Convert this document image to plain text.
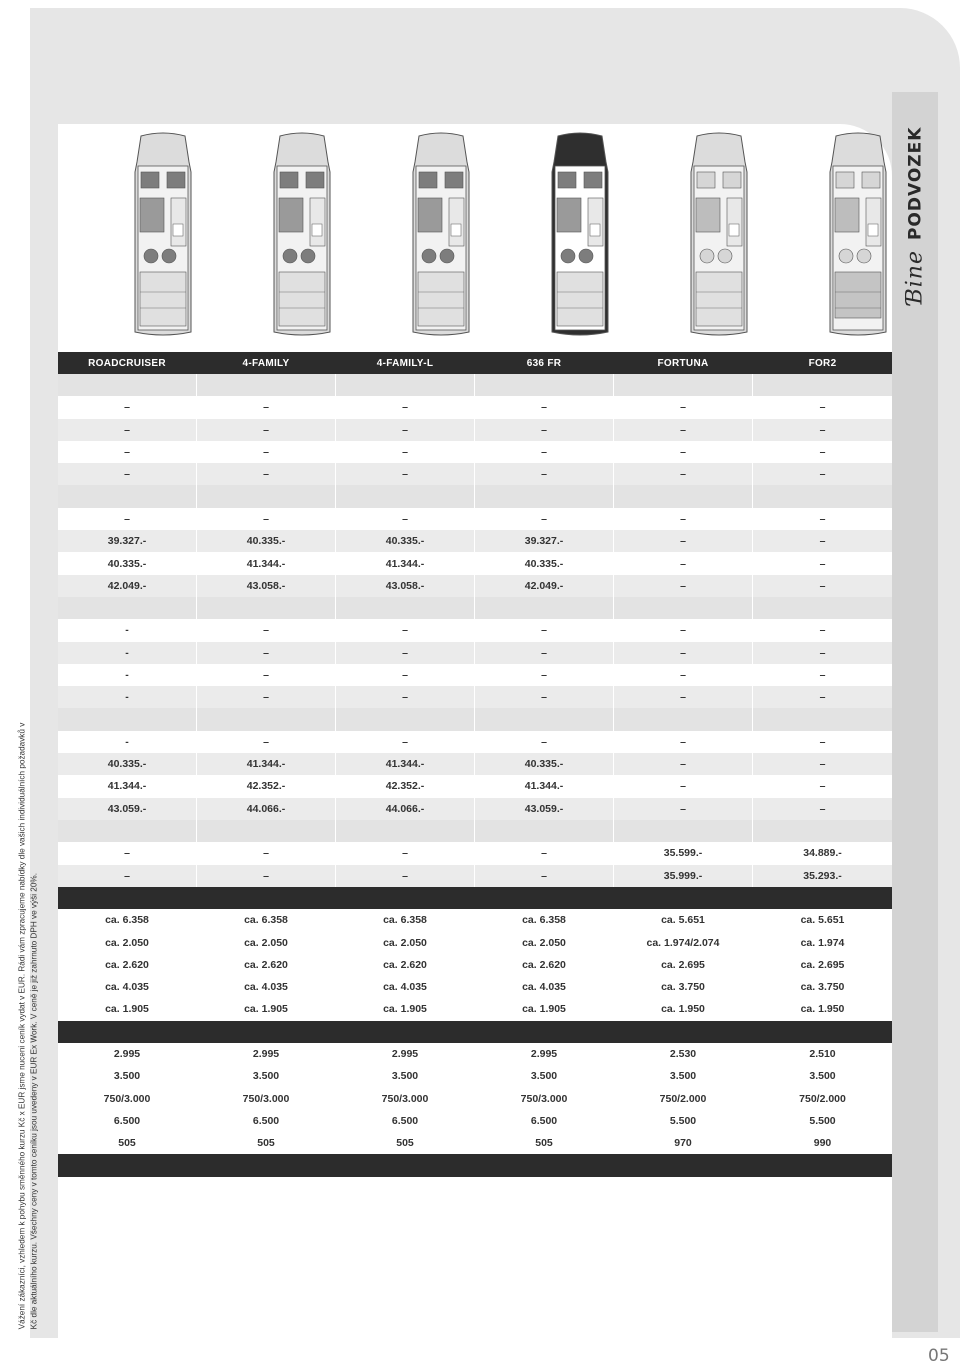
Ɓine
PODVOZEK
Vážení zákazníci, vzhledem k pohybu směnného kurzu Kč x EUR jsme nuceni ceník vydat v EUR. Rádi vám zpracujeme nabídky dle vašich individuálních požadavků v Kč dle aktuálního kurzu. Všechny ceny v tomto ceníku jsou uvedeny v EUR Ex Work. V ceně je již zahrnuto DPH ve výši 20%.
05
ROADCRUISER	4-FAMILY	4-FAMILY-L	636 FR	FORTUNA	FOR2
–	–	–	–	–	–
–	–	–	–	–	–
–	–	–	–	–	–
–	–	–	–	–	–
–	–	–	–	–	–
39.327.-	40.335.-	40.335.-	39.327.-	–	–
40.335.-	41.344.-	41.344.-	40.335.-	–	–
42.049.-	43.058.-	43.058.-	42.049.-	–	–
-	–	–	–	–	–
-	–	–	–	–	–
-	–	–	–	–	–
-	–	–	–	–	–
-	–	–	–	–	–
40.335.-	41.344.-	41.344.-	40.335.-	–	–
41.344.-	42.352.-	42.352.-	41.344.-	–	–
43.059.-	44.066.-	44.066.-	43.059.-	–	–
–	–	–	–	35.599.-	34.889.-
–	–	–	–	35.999.-	35.293.-
ca. 6.358	ca. 6.358	ca. 6.358	ca. 6.358	ca. 5.651	ca. 5.651
ca. 2.050	ca. 2.050	ca. 2.050	ca. 2.050	ca. 1.974/2.074	ca. 1.974
ca. 2.620	ca. 2.620	ca. 2.620	ca. 2.620	ca. 2.695	ca. 2.695
ca. 4.035	ca. 4.035	ca. 4.035	ca. 4.035	ca. 3.750	ca. 3.750
ca. 1.905	ca. 1.905	ca. 1.905	ca. 1.905	ca. 1.950	ca. 1.950
2.995	2.995	2.995	2.995	2.530	2.510
3.500	3.500	3.500	3.500	3.500	3.500
750/3.000	750/3.000	750/3.000	750/3.000	750/2.000	750/2.000
6.500	6.500	6.500	6.500	5.500	5.500
505	505	505	505	970	990
